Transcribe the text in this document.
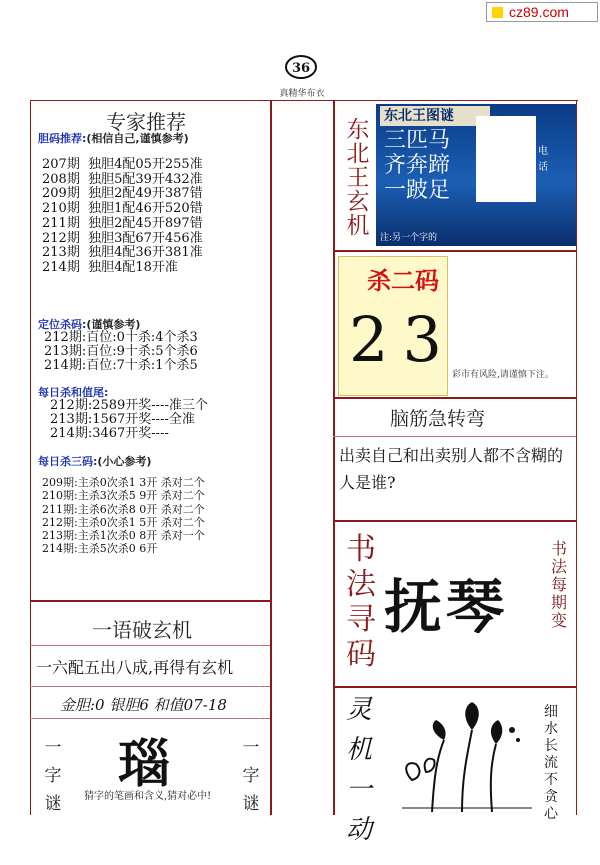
cz89.com
36
真精华布衣
专家推荐
胆码推荐:(相信自己,谨慎参考)
207期  独胆4配05开255准
208期  独胆5配39开432准
209期  独胆2配49开387错
210期  独胆1配46开520错
211期  独胆2配45开897错
212期  独胆3配67开456准
213期  独胆4配36开381准
214期  独胆4配18开准
定位杀码:(谨慎参考)
212期:百位:0十杀:4个杀3
213期:百位:9十杀:5个杀6
214期:百位:7十杀:1个杀5
每日杀和值尾:
212期:2589开奖----准三个
213期:1567开奖----全准
214期:3467开奖----
每日杀三码:(小心参考)
209期:主杀0次杀1 3开 杀对二个
210期:主杀3次杀5 9开 杀对二个
211期:主杀6次杀8 0开 杀对二个
212期:主杀0次杀1 5开 杀对二个
213期:主杀1次杀0 8开 杀对一个
214期:主杀5次杀0 6开
一语破玄机
一六配五出八成,再得有玄机
金胆:0 银胆6 和值07-18
一字谜
瑙	一字谜
猜字的笔画和含义,猜对必中!
东北王玄机
东北王图谜
三匹马
齐奔蹄
一跛足
电话
注:另一个字的
杀二码
23
彩市有风险,请谨慎下注。
脑筋急转弯
出卖自己和出卖别人都不含糊的人是谁?
书法寻码
抚琴
书法每期变
灵机一动
细水长流不贪心
